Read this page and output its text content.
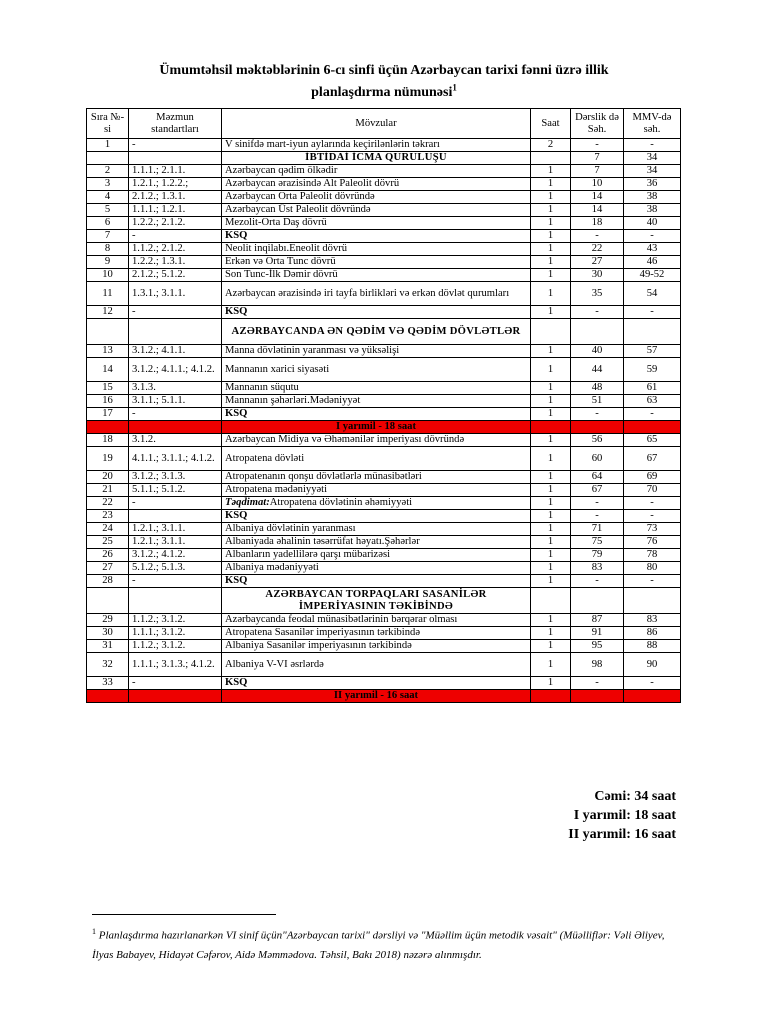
Ümumtəhsil məktəblərinin 6-cı sinfi üçün Azərbaycan tarixi fənni üzrə illik
planlaşdırma nümunəsi$^1$
Sıra №-si	Məzmun standartları	Mövzular	Saat	Dərslik də Səh.	MMV-də səh.
1	-	V sinifdə mart-iyun aylarında keçirilənlərin təkrarı	2	-	-
		İBTİDAİ İCMA QURULUŞU		7	34
2	1.1.1.; 2.1.1.	Azərbaycan qədim ölkədir	1	7	34
3	1.2.1.; 1.2.2.;	Azərbaycan ərazisində Alt Paleolit dövrü	1	10	36
4	2.1.2.; 1.3.1.	Azərbaycan Orta Paleolit dövründə	1	14	38
5	1.1.1.; 1.2.1.	Azərbaycan Üst Paleolit dövründə	1	14	38
6	1.2.2.; 2.1.2.	Mezolit-Orta Daş dövrü	1	18	40
7	-	KSQ	1	-	-
8	1.1.2.; 2.1.2.	Neolit inqilabı.Eneolit dövrü	1	22	43
9	1.2.2.; 1.3.1.	Erkən və Orta Tunc dövrü	1	27	46
10	2.1.2.; 5.1.2.	Son Tunc-İlk Dəmir dövrü	1	30	49-52
11	1.3.1.; 3.1.1.	Azərbaycan ərazisində iri tayfa birlikləri və erkən dövlət qurumları	1	35	54
12	-	KSQ	1	-	-
		AZƏRBAYCANDA ƏN QƏDİM VƏ QƏDİM DÖVLƏTLƏR			
13	3.1.2.; 4.1.1.	Manna dövlətinin yaranması və yüksəlişi	1	40	57
14	3.1.2.; 4.1.1.; 4.1.2.	Mannanın xarici siyasəti	1	44	59
15	3.1.3.	Mannanın süqutu	1	48	61
16	3.1.1.; 5.1.1.	Mannanın şəhərləri.Mədəniyyət	1	51	63
17	-	KSQ	1	-	-
		I yarımil - 18 saat			
18	3.1.2.	Azərbaycan Midiya və Əhəmənilər imperiyası dövründə	1	56	65
19	4.1.1.; 3.1.1.; 4.1.2.	Atropatena dövləti	1	60	67
20	3.1.2.; 3.1.3.	Atropatenanın qonşu dövlətlərlə münasibətləri	1	64	69
21	5.1.1.; 5.1.2.	Atropatena mədəniyyəti	1	67	70
22	-	Təqdimat:Atropatena dövlətinin əhəmiyyəti	1	-	-
23		KSQ	1	-	-
24	1.2.1.; 3.1.1.	Albaniya dövlətinin yaranması	1	71	73
25	1.2.1.; 3.1.1.	Albaniyada əhalinin təsərrüfat həyatı.Şəhərlər	1	75	76
26	3.1.2.; 4.1.2.	Albanların yadellilərə qarşı mübarizəsi	1	79	78
27	5.1.2.; 5.1.3.	Albaniya mədəniyyəti	1	83	80
28	-	KSQ	1	-	-
		AZƏRBAYCAN TORPAQLARI SASANİLƏR İMPERİYASININ TƏKİBİNDƏ			
29	1.1.2.; 3.1.2.	Azərbaycanda feodal münasibətlərinin bərqərar olması	1	87	83
30	1.1.1.; 3.1.2.	Atropatena Sasanilər imperiyasının tərkibində	1	91	86
31	1.1.2.; 3.1.2.	Albaniya Sasanilər imperiyasının tərkibində	1	95	88
32	1.1.1.; 3.1.3.; 4.1.2.	Albaniya V-VI əsrlərdə	1	98	90
33	-	KSQ	1	-	-
		II yarımil - 16 saat			
Cəmi: 34 saat
I yarımil: 18 saat
II yarımil: 16 saat
$^1$ Planlaşdırma hazırlanarkən VI sinif üçün"Azərbaycan tarixi" dərsliyi və "Müəllim üçün metodik vəsait" (Müəlliflər: Vəli Əliyev, İlyas Babayev, Hidayət Cəfərov, Aidə Məmmədova. Təhsil, Bakı 2018) nəzərə alınmışdır.
